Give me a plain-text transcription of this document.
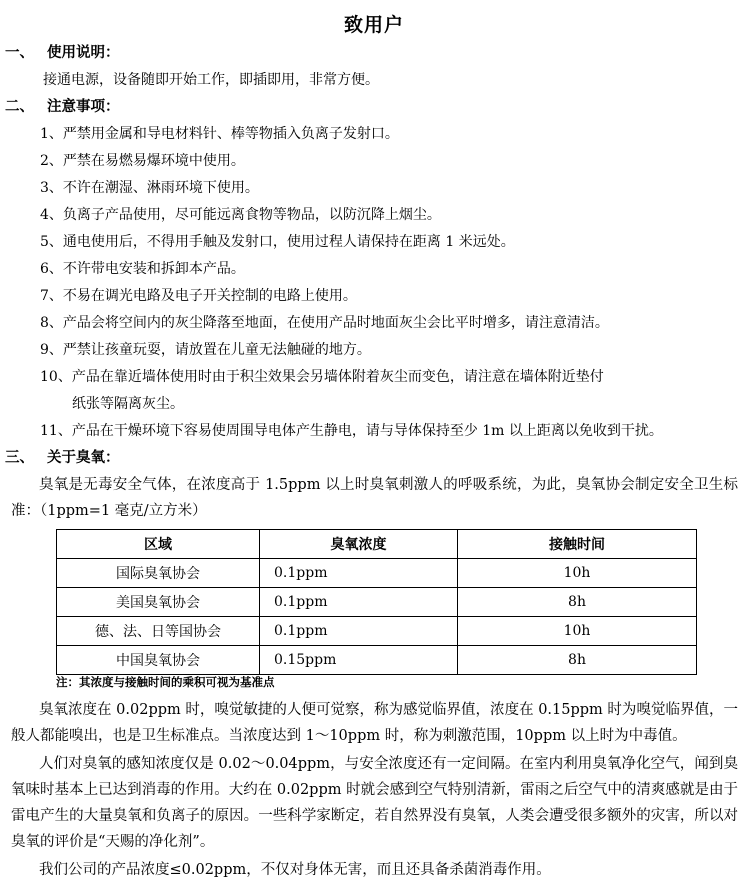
致用户
一、 使用说明：
接通电源，设备随即开始工作，即插即用，非常方便。
二、 注意事项：
1、严禁用金属和导电材料针、棒等物插入负离子发射口。
2、严禁在易燃易爆环境中使用。
3、不许在潮湿、淋雨环境下使用。
4、负离子产品使用，尽可能远离食物等物品，以防沉降上烟尘。
5、通电使用后，不得用手触及发射口，使用过程人请保持在距离 1 米远处。
6、不许带电安装和拆卸本产品。
7、不易在调光电路及电子开关控制的电路上使用。
8、产品会将空间内的灰尘降落至地面，在使用产品时地面灰尘会比平时增多，请注意清洁。
9、严禁让孩童玩耍，请放置在儿童无法触碰的地方。
10、产品在靠近墙体使用时由于积尘效果会另墙体附着灰尘而变色，请注意在墙体附近垫付
纸张等隔离灰尘。
11、产品在干燥环境下容易使周围导电体产生静电，请与导体保持至少 1m 以上距离以免收到干扰。
三、 关于臭氧：
臭氧是无毒安全气体，在浓度高于 1.5ppm 以上时臭氧刺激人的呼吸系统，为此，臭氧协会制定安全卫生标准：（1ppm=1 毫克/立方米）
区域	臭氧浓度	接触时间
国际臭氧协会	0.1ppm	10h
美国臭氧协会	0.1ppm	8h
德、法、日等国协会	0.1ppm	10h
中国臭氧协会	0.15ppm	8h
注：其浓度与接触时间的乘积可视为基准点
臭氧浓度在 0.02ppm 时，嗅觉敏捷的人便可觉察，称为感觉临界值，浓度在 0.15ppm 时为嗅觉临界值，一般人都能嗅出，也是卫生标准点。当浓度达到 1～10ppm 时，称为刺激范围，10ppm 以上时为中毒值。
人们对臭氧的感知浓度仅是 0.02～0.04ppm，与安全浓度还有一定间隔。在室内利用臭氧净化空气，闻到臭氧味时基本上已达到消毒的作用。大约在 0.02ppm 时就会感到空气特别清新，雷雨之后空气中的清爽感就是由于雷电产生的大量臭氧和负离子的原因。一些科学家断定，若自然界没有臭氧，人类会遭受很多额外的灾害，所以对臭氧的评价是“天赐的净化剂”。
我们公司的产品浓度≤0.02ppm，不仅对身体无害，而且还具备杀菌消毒作用。
